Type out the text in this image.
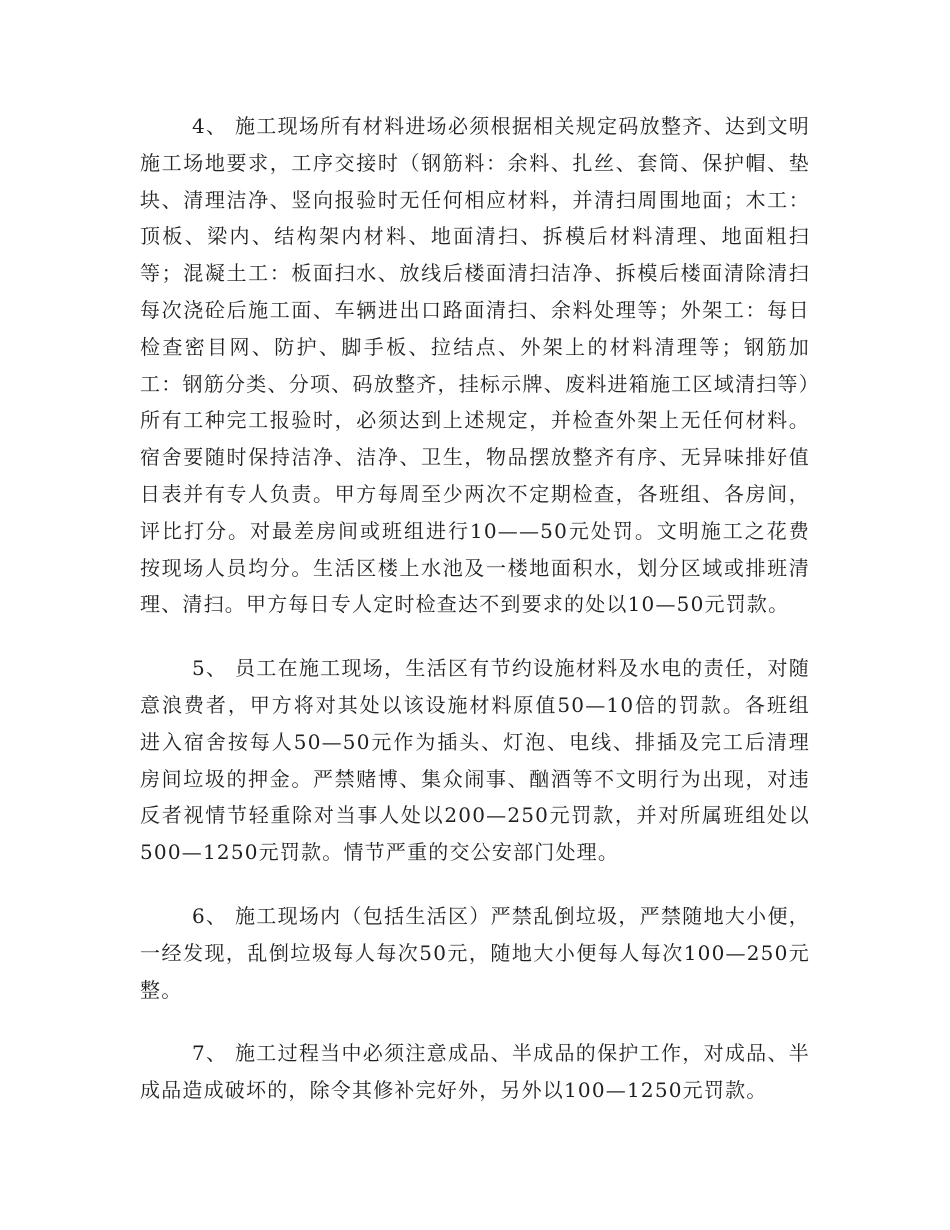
4、 施工现场所有材料进场必须根据相关规定码放整齐、达到文明施工场地要求，工序交接时（钢筋料：余料、扎丝、套筒、保护帽、垫块、清理洁净、竖向报验时无任何相应材料，并清扫周围地面；木工：顶板、梁内、结构架内材料、地面清扫、拆模后材料清理、地面粗扫等；混凝土工：板面扫水、放线后楼面清扫洁净、拆模后楼面清除清扫每次浇砼后施工面、车辆进出口路面清扫、余料处理等；外架工：每日检查密目网、防护、脚手板、拉结点、外架上的材料清理等；钢筋加工：钢筋分类、分项、码放整齐，挂标示牌、废料进箱施工区域清扫等）所有工种完工报验时，必须达到上述规定，并检查外架上无任何材料。宿舍要随时保持洁净、洁净、卫生，物品摆放整齐有序、无异味排好值日表并有专人负责。甲方每周至少两次不定期检查，各班组、各房间，评比打分。对最差房间或班组进行10——50元处罚。文明施工之花费按现场人员均分。生活区楼上水池及一楼地面积水，划分区域或排班清理、清扫。甲方每日专人定时检查达不到要求的处以10—50元罚款。

5、 员工在施工现场，生活区有节约设施材料及水电的责任，对随意浪费者，甲方将对其处以该设施材料原值50—10倍的罚款。各班组进入宿舍按每人50—50元作为插头、灯泡、电线、排插及完工后清理房间垃圾的押金。严禁赌博、集众闹事、酗酒等不文明行为出现，对违反者视情节轻重除对当事人处以200—250元罚款，并对所属班组处以500—1250元罚款。情节严重的交公安部门处理。

6、 施工现场内（包括生活区）严禁乱倒垃圾，严禁随地大小便，一经发现，乱倒垃圾每人每次50元，随地大小便每人每次100—250元整。

7、 施工过程当中必须注意成品、半成品的保护工作，对成品、半成品造成破坏的，除令其修补完好外，另外以100—1250元罚款。
